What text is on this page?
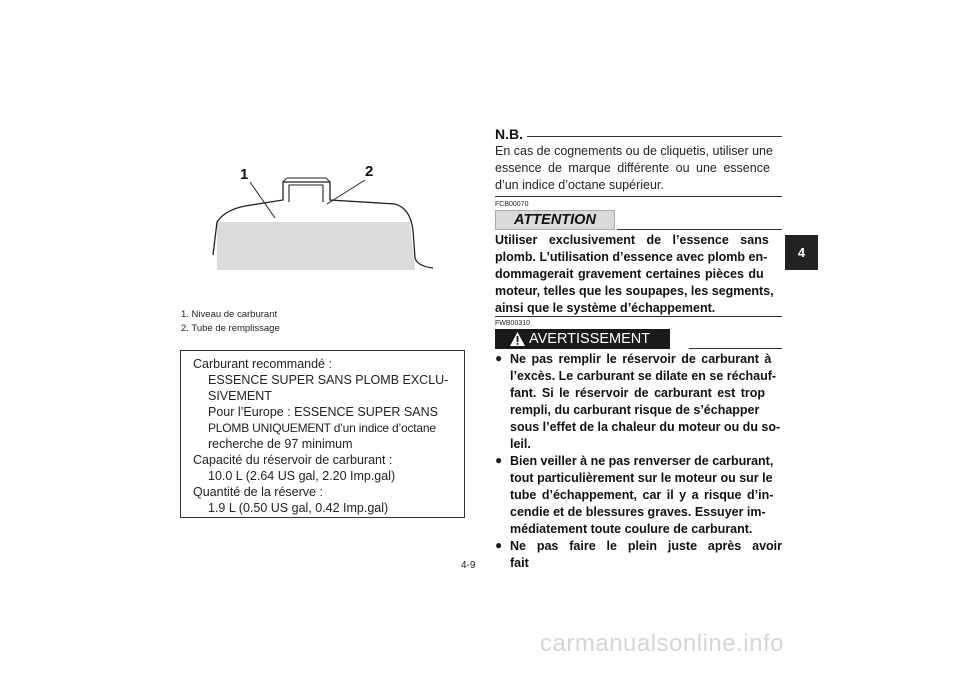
1	2
1. Niveau de carburant
2. Tube de remplissage
Carburant recommandé :
ESSENCE SUPER SANS PLOMB EXCLU-
SIVEMENT
Pour l’Europe : ESSENCE SUPER SANS
PLOMB UNIQUEMENT d’un indice d’octane
recherche de 97 minimum
Capacité du réservoir de carburant :
10.0 L (2.64 US gal, 2.20 Imp.gal)
Quantité de la réserve :
1.9 L (0.50 US gal, 0.42 Imp.gal)
N.B.
En cas de cognements ou de cliquetis, utiliser une
essence de marque différente ou une essence
d’un indice d’octane supérieur.
FCB00070
ATTENTION
Utiliser exclusivement de l’essence sans
plomb. L’utilisation d’essence avec plomb en-
dommagerait gravement certaines pièces du
moteur, telles que les soupapes, les segments,
ainsi que le système d’échappement.
FWB00310
AVERTISSEMENT
● Ne pas remplir le réservoir de carburant à
l’excès. Le carburant se dilate en se réchauf-
fant. Si le réservoir de carburant est trop
rempli, du carburant risque de s’échapper
sous l’effet de la chaleur du moteur ou du so-
leil.
● Bien veiller à ne pas renverser de carburant,
tout particulièrement sur le moteur ou sur le
tube d’échappement, car il y a risque d’in-
cendie et de blessures graves. Essuyer im-
médiatement toute coulure de carburant.
● Ne pas faire le plein juste après avoir fait
4
4-9
carmanualsonline.info
